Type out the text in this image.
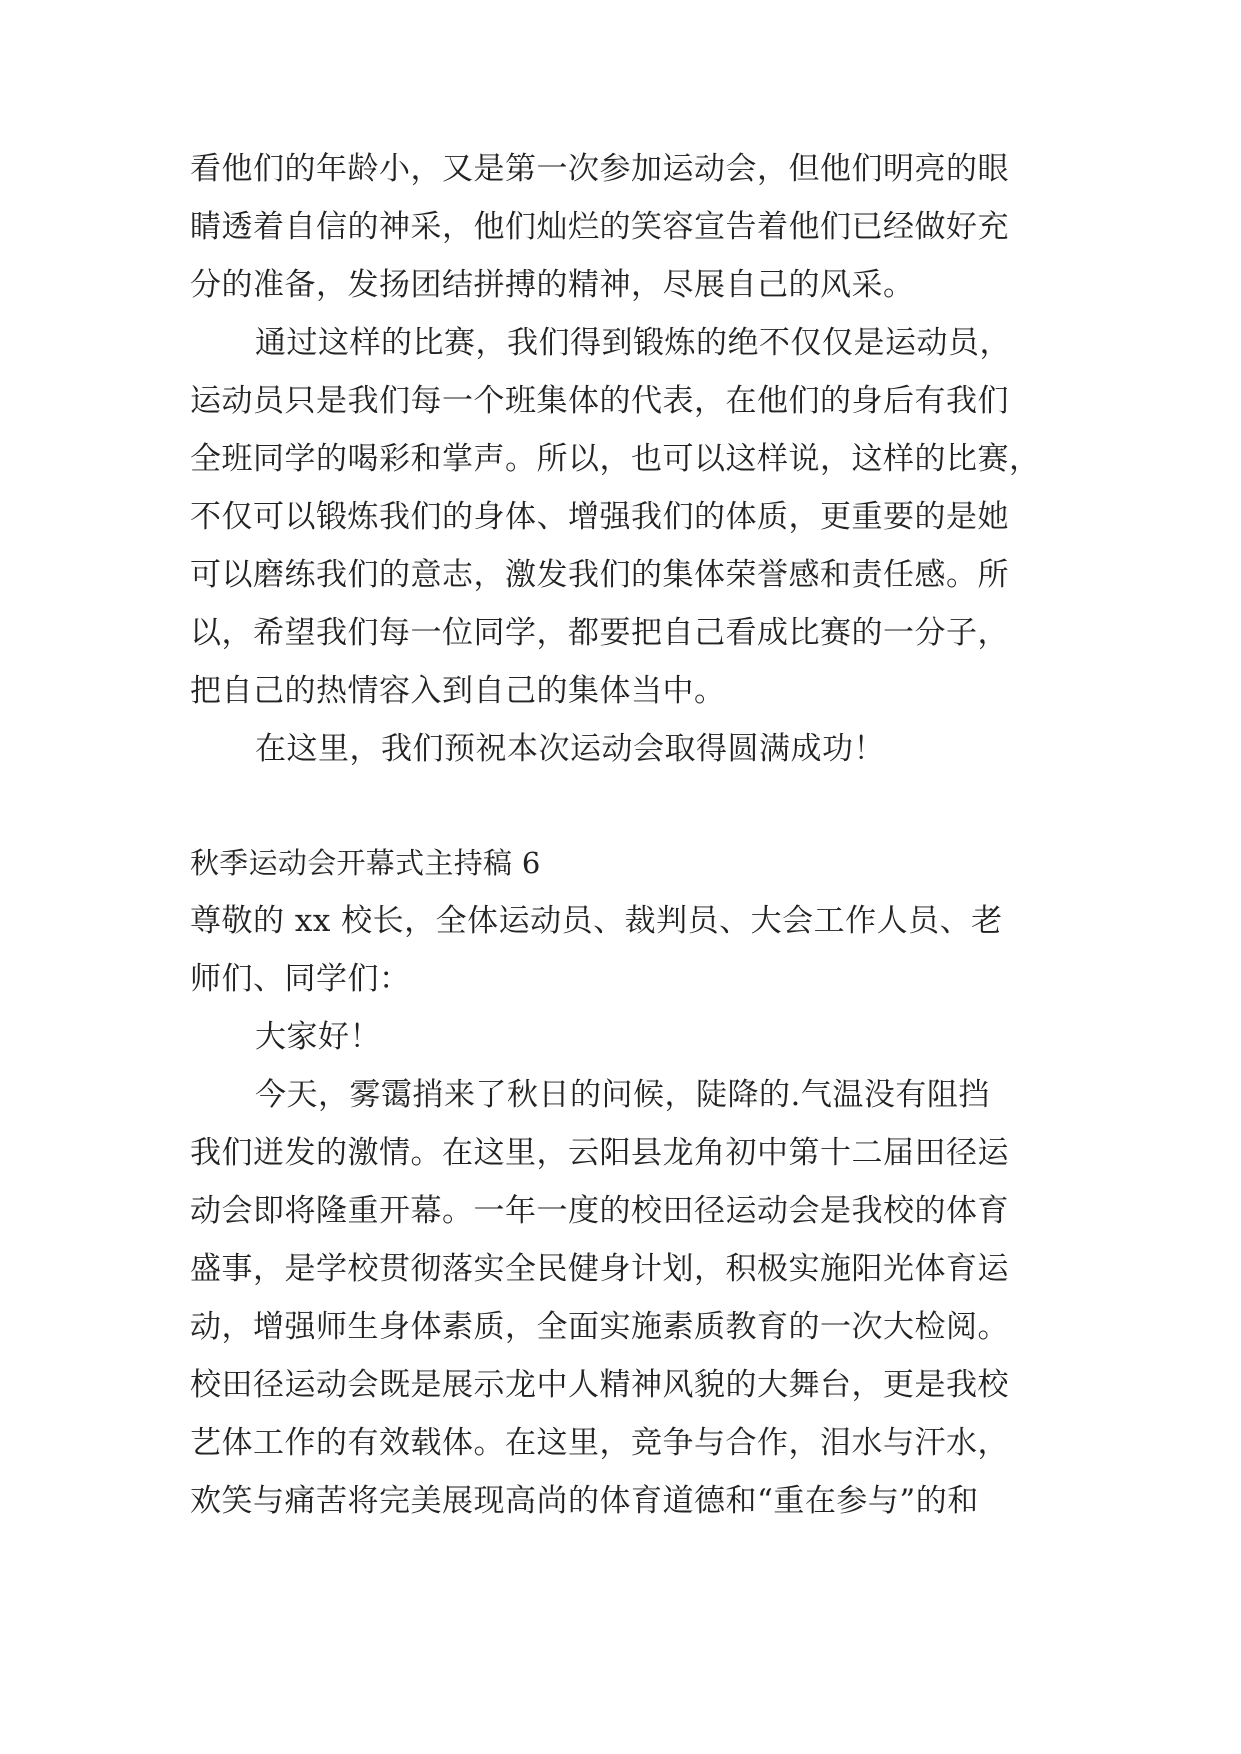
看他们的年龄小，又是第一次参加运动会，但他们明亮的眼
睛透着自信的神采，他们灿烂的笑容宣告着他们已经做好充
分的准备，发扬团结拼搏的精神，尽展自己的风采。
通过这样的比赛，我们得到锻炼的绝不仅仅是运动员，
运动员只是我们每一个班集体的代表，在他们的身后有我们
全班同学的喝彩和掌声。所以，也可以这样说，这样的比赛，
不仅可以锻炼我们的身体、增强我们的体质，更重要的是她
可以磨练我们的意志，激发我们的集体荣誉感和责任感。所
以，希望我们每一位同学，都要把自己看成比赛的一分子，
把自己的热情容入到自己的集体当中。
在这里，我们预祝本次运动会取得圆满成功！
秋季运动会开幕式主持稿 6
尊敬的 xx 校长，全体运动员、裁判员、大会工作人员、老
师们、同学们：
大家好！
今天，雾霭捎来了秋日的问候，陡降的.气温没有阻挡
我们迸发的激情。在这里，云阳县龙角初中第十二届田径运
动会即将隆重开幕。一年一度的校田径运动会是我校的体育
盛事，是学校贯彻落实全民健身计划，积极实施阳光体育运
动，增强师生身体素质，全面实施素质教育的一次大检阅。
校田径运动会既是展示龙中人精神风貌的大舞台，更是我校
艺体工作的有效载体。在这里，竞争与合作，泪水与汗水，
欢笑与痛苦将完美展现高尚的体育道德和“重在参与”的和
